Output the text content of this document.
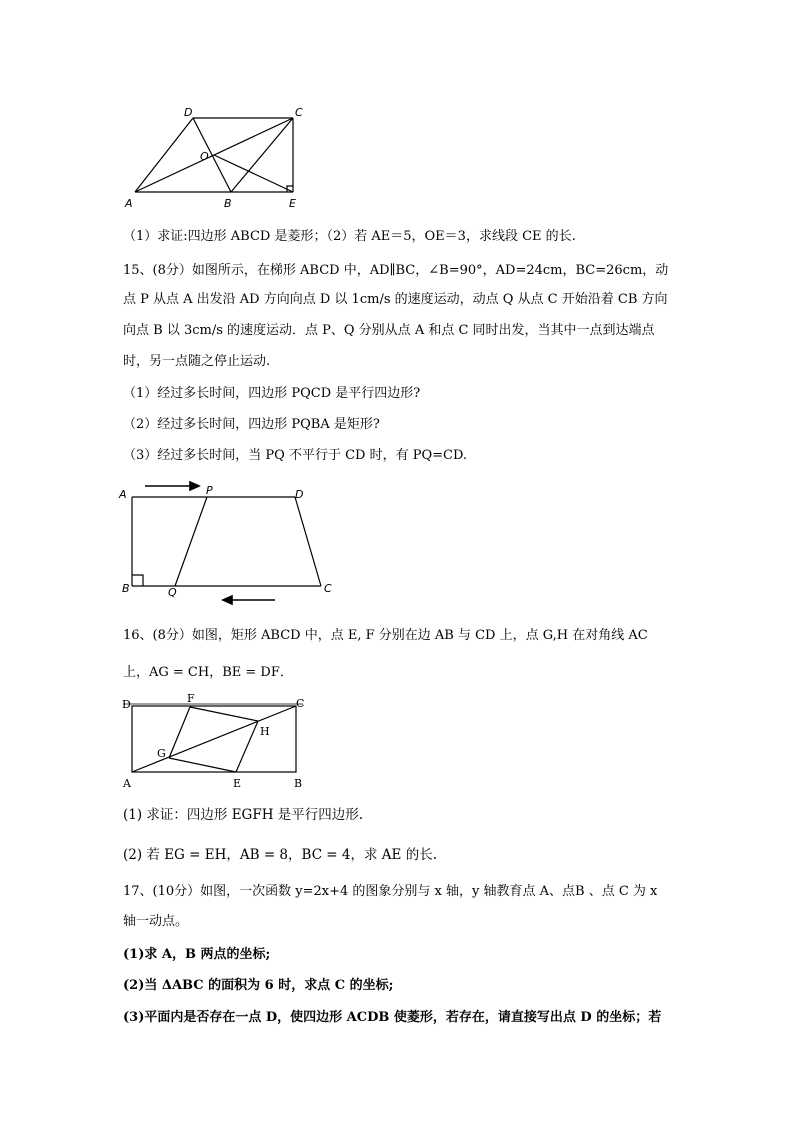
D	C
O
A	B	E
（1）求证:四边形 ABCD 是菱形；（2）若 AE＝5，OE＝3，求线段 CE 的长.
15、(8分）如图所示，在梯形 ABCD 中，AD∥BC，∠B=90°，AD=24cm，BC=26cm，动
点 P 从点 A 出发沿 AD 方向向点 D 以 1cm/s 的速度运动，动点 Q 从点 C 开始沿着 CB 方向
向点 B 以 3cm/s 的速度运动．点 P、Q 分别从点 A 和点 C 同时出发，当其中一点到达端点
时，另一点随之停止运动.
（1）经过多长时间，四边形 PQCD 是平行四边形?
（2）经过多长时间，四边形 PQBA 是矩形?
（3）经过多长时间，当 PQ 不平行于 CD 时，有 PQ=CD.
A	P	D
B	Q	C
16、(8分）如图，矩形 ABCD 中，点 E, F 分别在边 AB 与 CD 上，点 G,H 在对角线 AC
上，AG = CH，BE = DF．
D	F	C
H
G
A	E	B
(1) 求证：四边形 EGFH 是平行四边形.
(2) 若 EG = EH，AB = 8，BC = 4，求 AE 的长.
17、(10分）如图，一次函数 y=2x+4 的图象分别与 x 轴，y 轴教育点 A、点B 、点 C 为 x
轴一动点。
(1)求 A，B 两点的坐标;
(2)当 ΔABC 的面积为 6 时，求点 C 的坐标;
(3)平面内是否存在一点 D，使四边形 ACDB 使菱形，若存在，请直接写出点 D 的坐标；若
